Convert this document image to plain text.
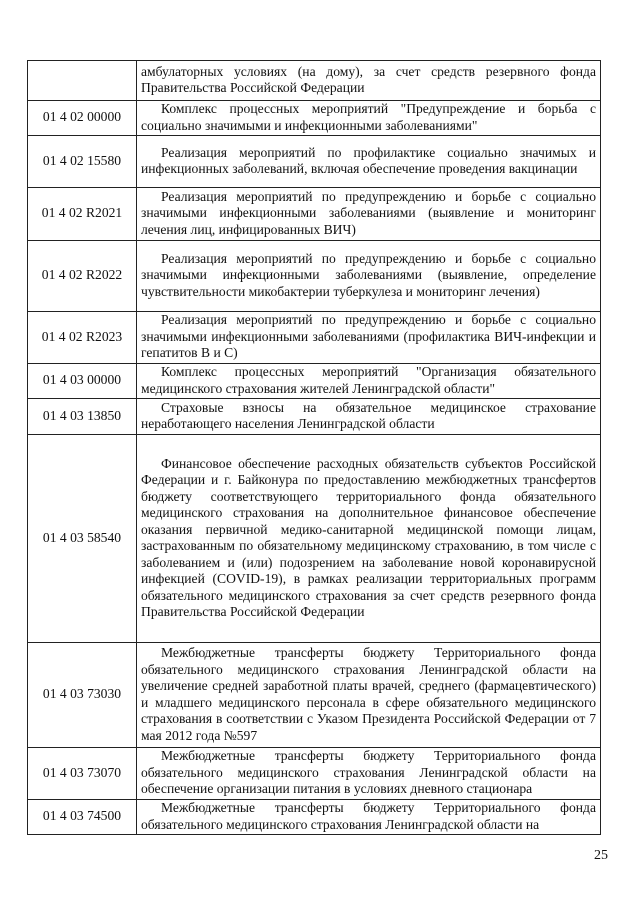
	амбулаторных условиях (на дому), за счет средств резервного фонда Правительства Российской Федерации
01 4 02 00000	Комплекс процессных мероприятий "Предупреждение и борьба с социально значимыми и инфекционными заболеваниями"
01 4 02 15580	Реализация мероприятий по профилактике социально значимых и инфекционных заболеваний, включая обеспечение проведения вакцинации
01 4 02 R2021	Реализация мероприятий по предупреждению и борьбе с социально значимыми инфекционными заболеваниями (выявление и мониторинг лечения лиц, инфицированных ВИЧ)
01 4 02 R2022	Реализация мероприятий по предупреждению и борьбе с социально значимыми инфекционными заболеваниями (выявление, определение чувствительности микобактерии туберкулеза и мониторинг лечения)
01 4 02 R2023	Реализация мероприятий по предупреждению и борьбе с социально значимыми инфекционными заболеваниями (профилактика ВИЧ-инфекции и гепатитов В и С)
01 4 03 00000	Комплекс процессных мероприятий "Организация обязательного медицинского страхования жителей Ленинградской области"
01 4 03 13850	Страховые взносы на обязательное медицинское страхование неработающего населения Ленинградской области
01 4 03 58540	Финансовое обеспечение расходных обязательств субъектов Российской Федерации и г. Байконура по предоставлению межбюджетных трансфертов бюджету соответствующего территориального фонда обязательного медицинского страхования на дополнительное финансовое обеспечение оказания первичной медико-санитарной медицинской помощи лицам, застрахованным по обязательному медицинскому страхованию, в том числе с заболеванием и (или) подозрением на заболевание новой коронавирусной инфекцией (COVID-19), в рамках реализации территориальных программ обязательного медицинского страхования за счет средств резервного фонда Правительства Российской Федерации
01 4 03 73030	Межбюджетные трансферты бюджету Территориального фонда обязательного медицинского страхования Ленинградской области на увеличение средней заработной платы врачей, среднего (фармацевтического) и младшего медицинского персонала в сфере обязательного медицинского страхования в соответствии с Указом Президента Российской Федерации от 7 мая 2012 года №597
01 4 03 73070	Межбюджетные трансферты бюджету Территориального фонда обязательного медицинского страхования Ленинградской области на обеспечение организации питания в условиях дневного стационара
01 4 03 74500	Межбюджетные трансферты бюджету Территориального фонда обязательного медицинского страхования Ленинградской области на
25
